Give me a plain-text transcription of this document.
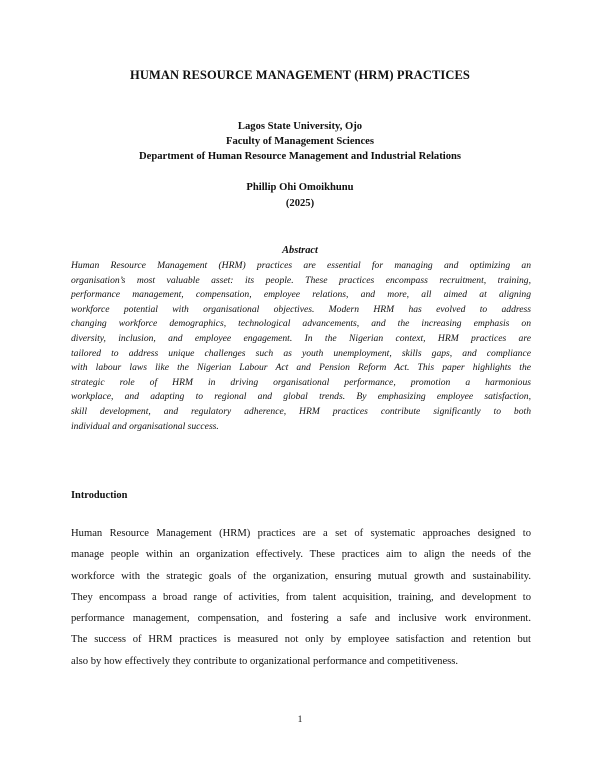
HUMAN RESOURCE MANAGEMENT (HRM) PRACTICES
Lagos State University, Ojo
Faculty of Management Sciences
Department of Human Resource Management and Industrial Relations
Phillip Ohi Omoikhunu
(2025)
Abstract
Human Resource Management (HRM) practices are essential for managing and optimizing an
organisation’s most valuable asset: its people. These practices encompass recruitment, training,
performance management, compensation, employee relations, and more, all aimed at aligning
workforce potential with organisational objectives. Modern HRM has evolved to address
changing workforce demographics, technological advancements, and the increasing emphasis on
diversity, inclusion, and employee engagement. In the Nigerian context, HRM practices are
tailored to address unique challenges such as youth unemployment, skills gaps, and compliance
with labour laws like the Nigerian Labour Act and Pension Reform Act. This paper highlights the
strategic role of HRM in driving organisational performance, promotion a harmonious
workplace, and adapting to regional and global trends. By emphasizing employee satisfaction,
skill development, and regulatory adherence, HRM practices contribute significantly to both
individual and organisational success.
Introduction
Human Resource Management (HRM) practices are a set of systematic approaches designed to
manage people within an organization effectively. These practices aim to align the needs of the
workforce with the strategic goals of the organization, ensuring mutual growth and sustainability.
They encompass a broad range of activities, from talent acquisition, training, and development to
performance management, compensation, and fostering a safe and inclusive work environment.
The success of HRM practices is measured not only by employee satisfaction and retention but
also by how effectively they contribute to organizational performance and competitiveness.
1
